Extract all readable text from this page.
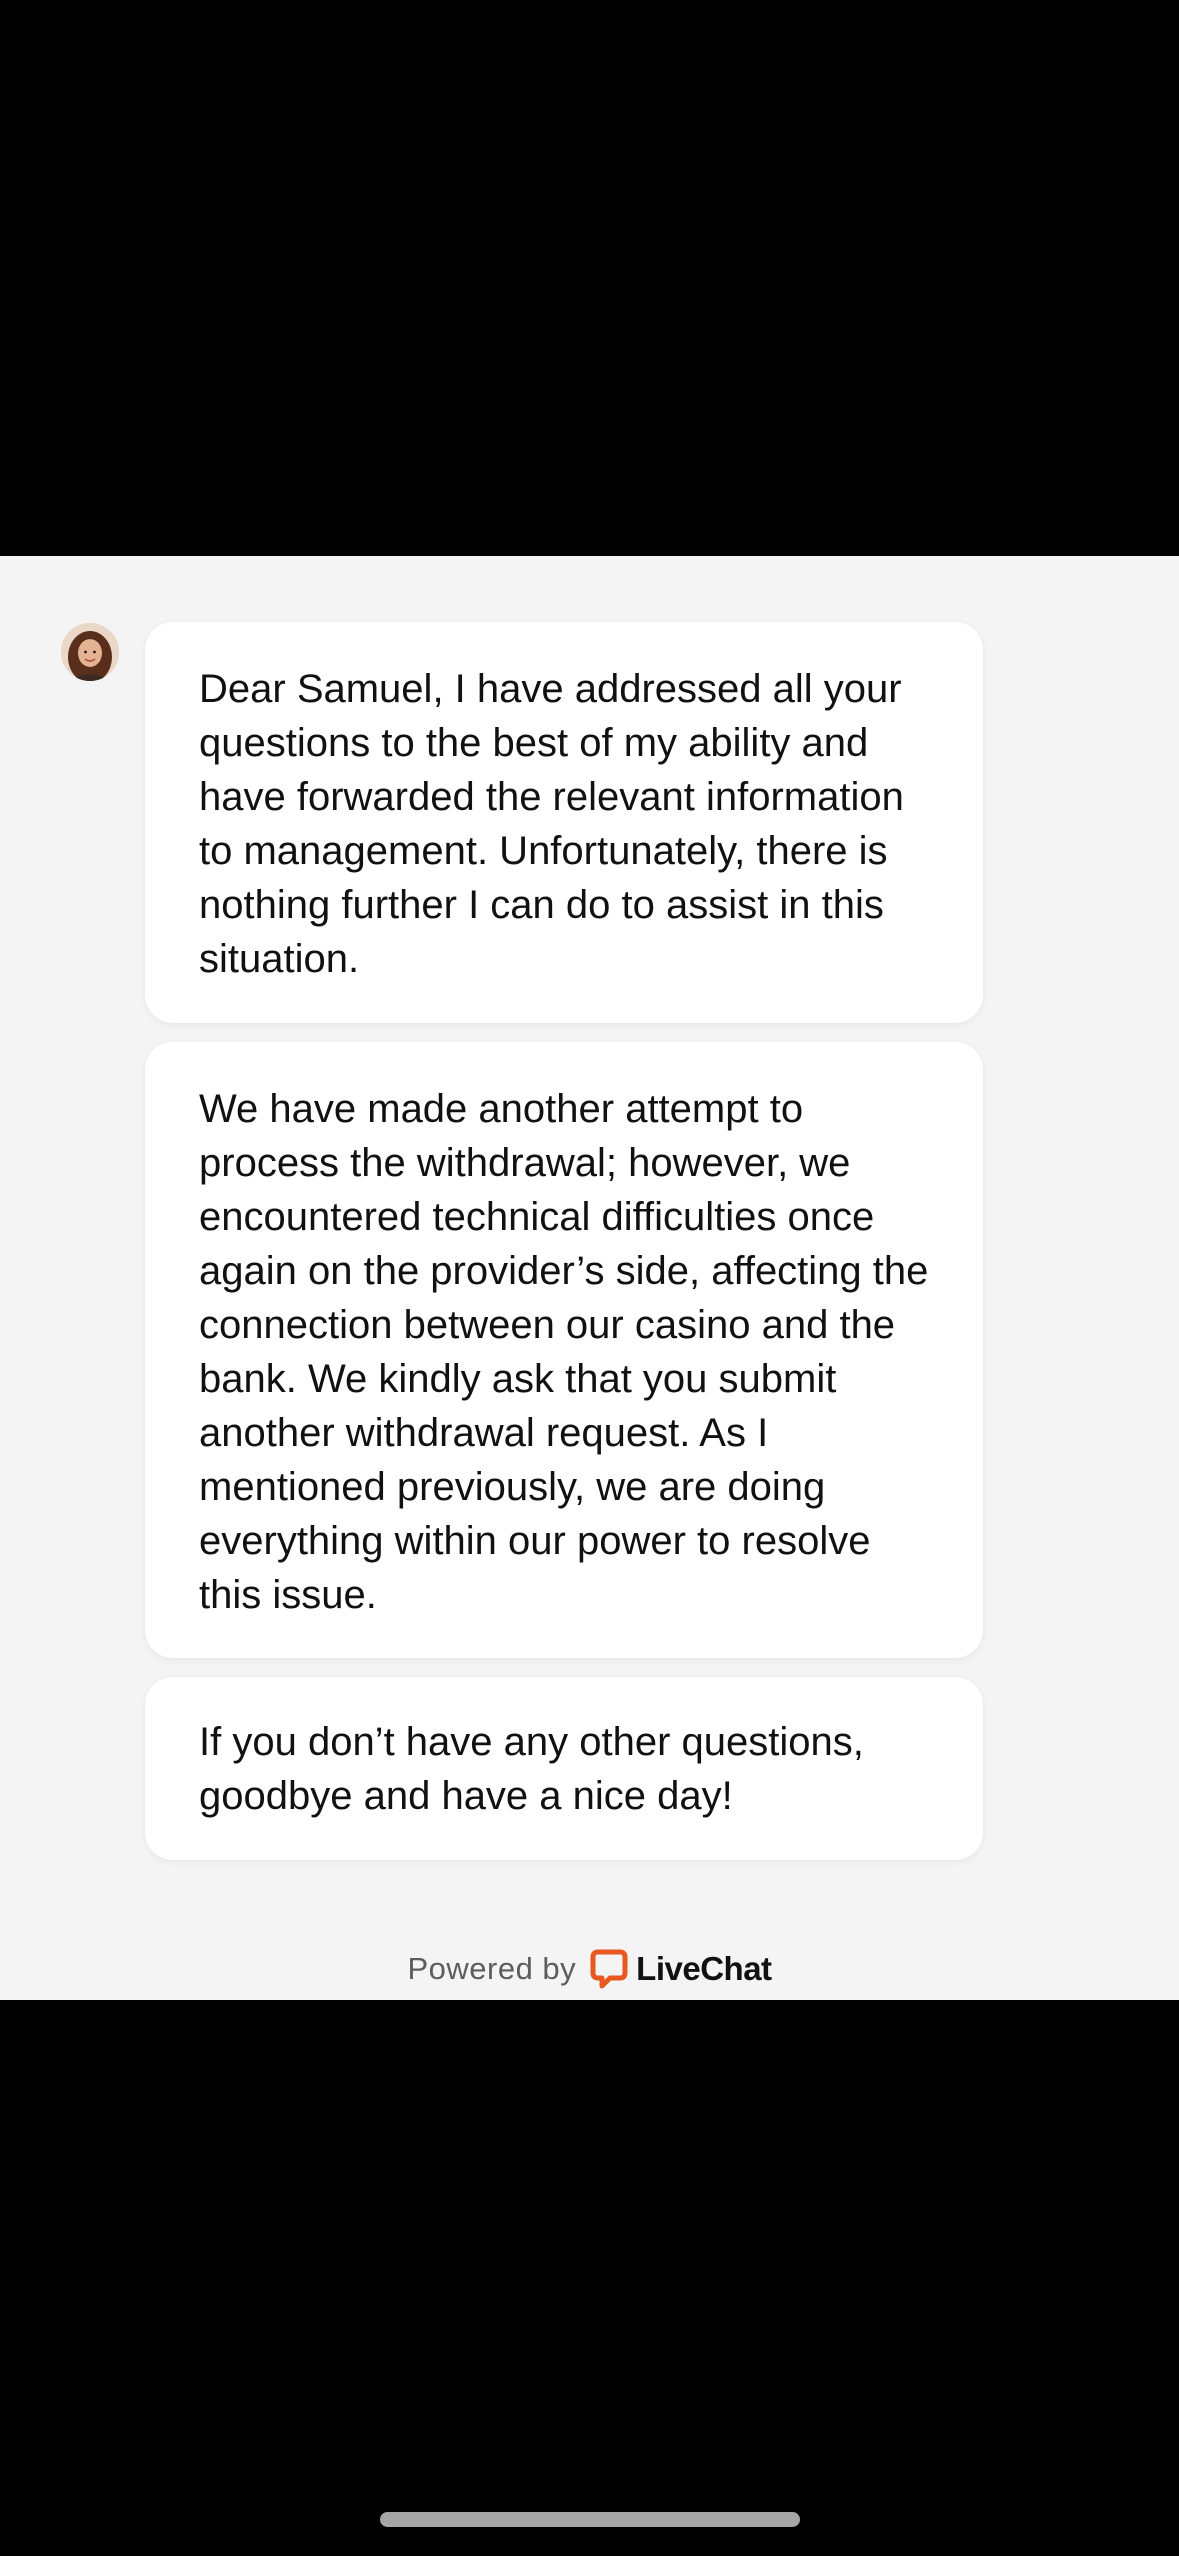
Dear Samuel, I have addressed all your questions to the best of my ability and have forwarded the relevant information to management. Unfortunately, there is nothing further I can do to assist in this situation.

We have made another attempt to process the withdrawal; however, we encountered technical difficulties once again on the provider’s side, affecting the connection between our casino and the bank. We kindly ask that you submit another withdrawal request. As I mentioned previously, we are doing everything within our power to resolve this issue.

If you don’t have any other questions, goodbye and have a nice day!

Powered by LiveChat
